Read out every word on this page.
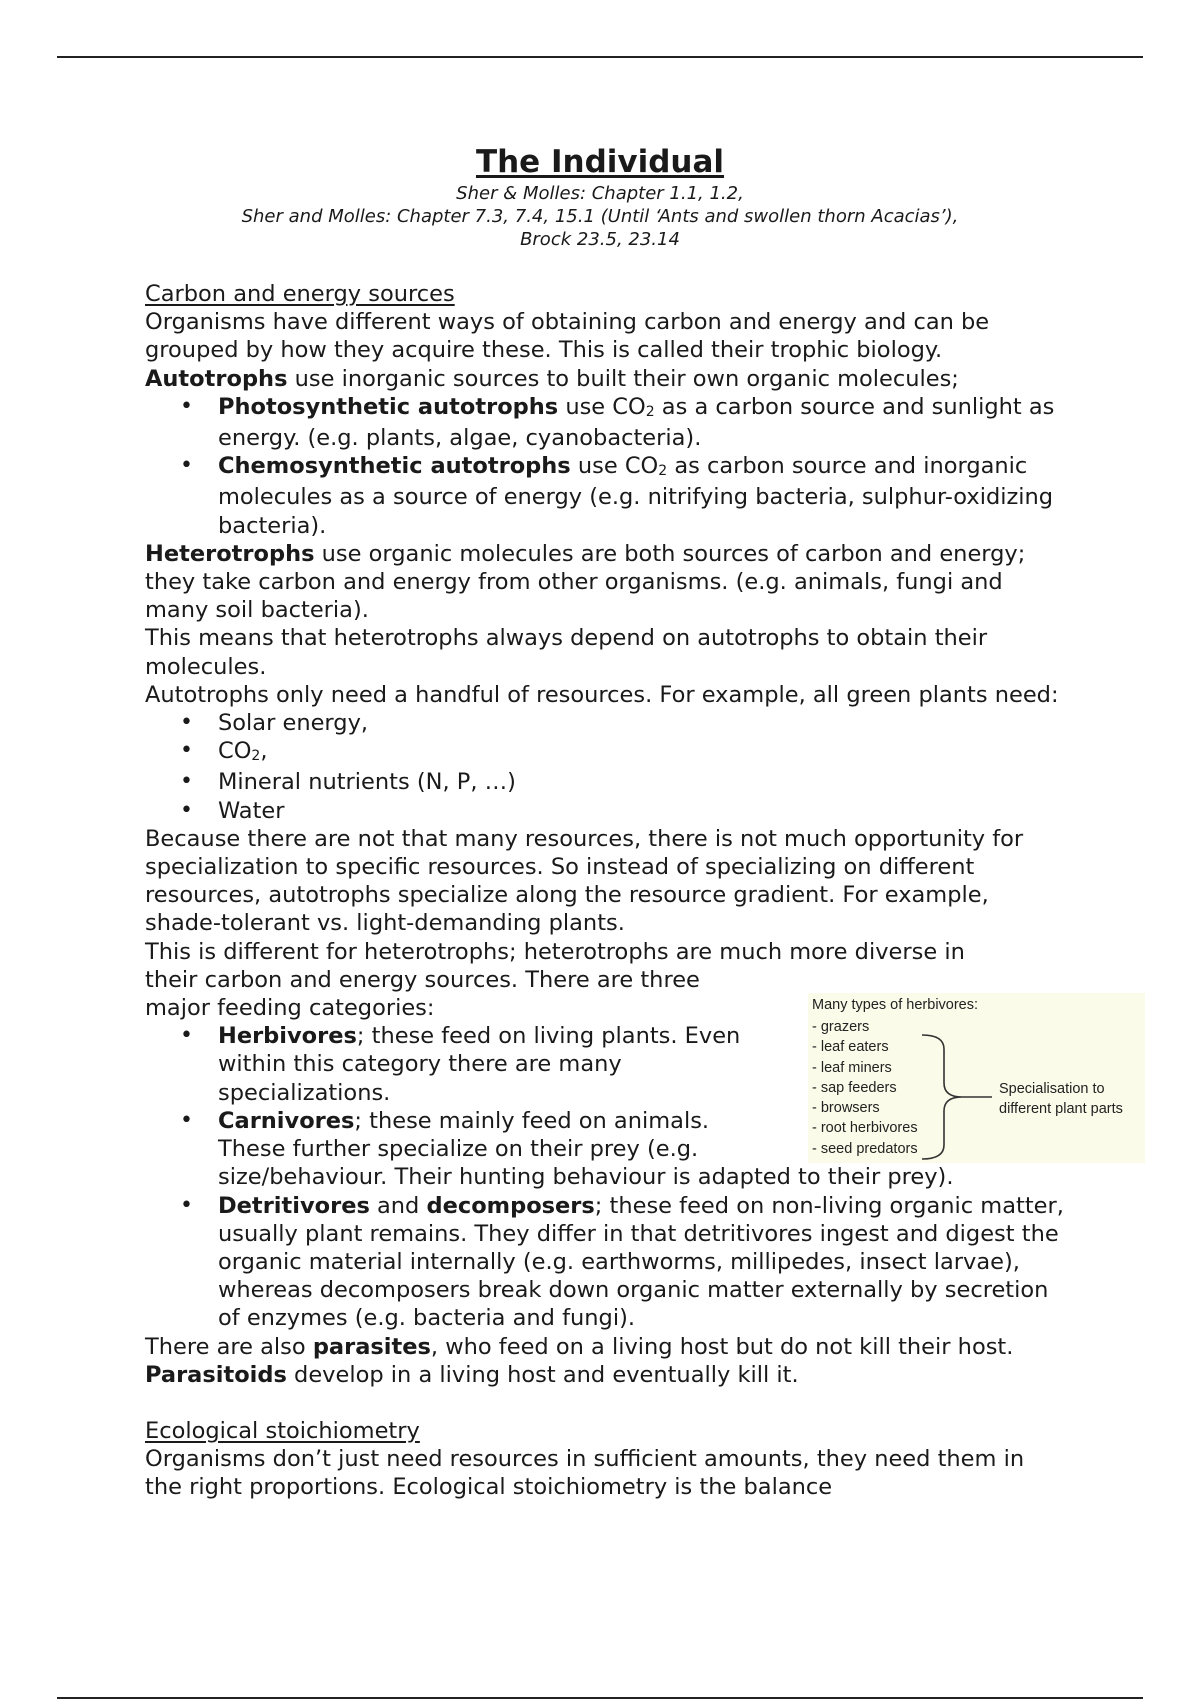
The Individual
Sher & Molles: Chapter 1.1, 1.2,
Sher and Molles: Chapter 7.3, 7.4, 15.1 (Until ‘Ants and swollen thorn Acacias’),
Brock 23.5, 23.14

Carbon and energy sources

Organisms have different ways of obtaining carbon and energy and can be grouped by how they acquire these. This is called their trophic biology.

Autotrophs use inorganic sources to built their own organic molecules;

• Photosynthetic autotrophs use $CO_2$ as a carbon source and sunlight as energy. (e.g. plants, algae, cyanobacteria).
• Chemosynthetic autotrophs use $CO_2$ as carbon source and inorganic molecules as a source of energy (e.g. nitrifying bacteria, sulphur-oxidizing bacteria).

Heterotrophs use organic molecules are both sources of carbon and energy; they take carbon and energy from other organisms. (e.g. animals, fungi and many soil bacteria).

This means that heterotrophs always depend on autotrophs to obtain their molecules.

Autotrophs only need a handful of resources. For example, all green plants need:

• Solar energy,
• $CO_2$,
• Mineral nutrients (N, P, …)
• Water

Because there are not that many resources, there is not much opportunity for specialization to specific resources. So instead of specializing on different resources, autotrophs specialize along the resource gradient. For example, shade-tolerant vs. light-demanding plants.

This is different for heterotrophs; heterotrophs are much more diverse in

their carbon and energy sources. There are three major feeding categories:

• Herbivores; these feed on living plants. Even within this category there are many specializations.
• Carnivores; these mainly feed on animals. These further specialize on their prey (e.g.
size/behaviour. Their hunting behaviour is adapted to their prey).
• Detritivores and decomposers; these feed on non-living organic matter, usually plant remains. They differ in that detritivores ingest and digest the organic material internally (e.g. earthworms, millipedes, insect larvae), whereas decomposers break down organic matter externally by secretion of enzymes (e.g. bacteria and fungi).

There are also parasites, who feed on a living host but do not kill their host. Parasitoids develop in a living host and eventually kill it.

Ecological stoichiometry

Organisms don’t just need resources in sufficient amounts, they need them in the right proportions. Ecological stoichiometry is the balance

Many types of herbivores:
- grazers
- leaf eaters
- leaf miners
- sap feeders
- browsers
- root herbivores
- seed predators
Specialisation to
different plant parts
